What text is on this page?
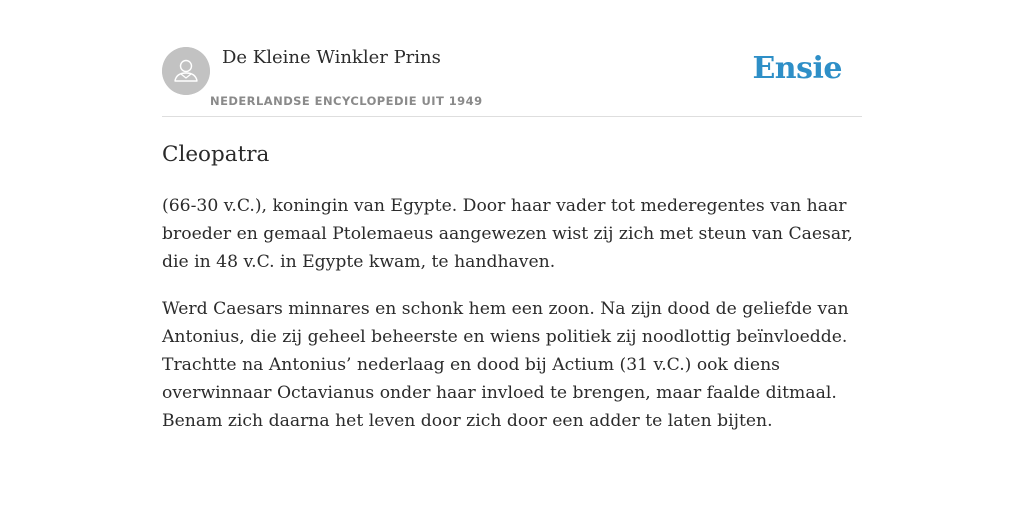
De Kleine Winkler Prins
NEDERLANDSE ENCYCLOPEDIE UIT 1949
Ensie
Cleopatra

(66-30 v.C.), koningin van Egypte. Door haar vader tot mederegentes van haar
broeder en gemaal Ptolemaeus aangewezen wist zij zich met steun van Caesar,
die in 48 v.C. in Egypte kwam, te handhaven.

Werd Caesars minnares en schonk hem een zoon. Na zijn dood de geliefde van
Antonius, die zij geheel beheerste en wiens politiek zij noodlottig beïnvloedde.
Trachtte na Antonius’ nederlaag en dood bij Actium (31 v.C.) ook diens
overwinnaar Octavianus onder haar invloed te brengen, maar faalde ditmaal.
Benam zich daarna het leven door zich door een adder te laten bijten.
